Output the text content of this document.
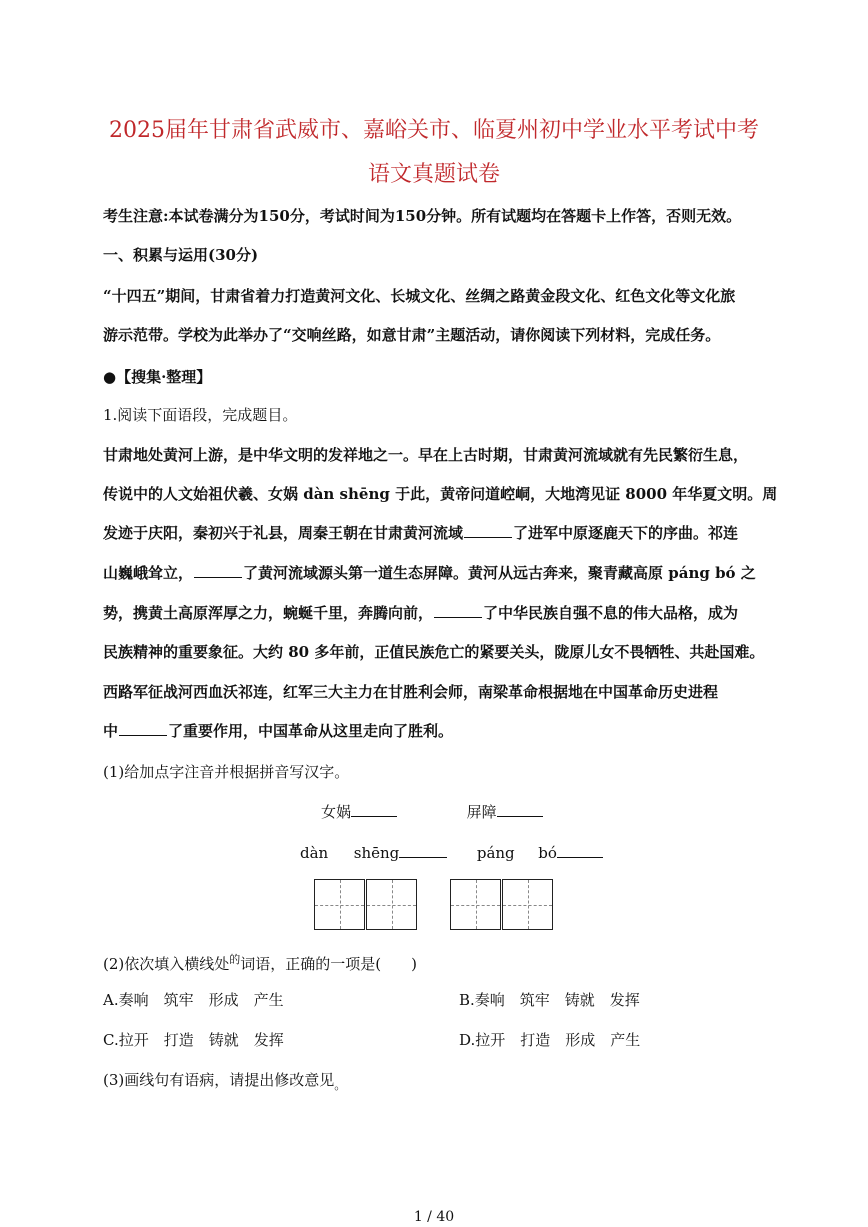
2025届年甘肃省武威市、嘉峪关市、临夏州初中学业水平考试中考
语文真题试卷
考生注意:本试卷满分为150分，考试时间为150分钟。所有试题均在答题卡上作答，否则无效。
一、积累与运用(30分)
“十四五”期间，甘肃省着力打造黄河文化、长城文化、丝绸之路黄金段文化、红色文化等文化旅
游示范带。学校为此举办了“交响丝路，如意甘肃”主题活动，请你阅读下列材料，完成任务。
●【搜集·整理】
1.阅读下面语段，完成题目。
甘肃地处黄河上游，是中华文明的发祥地之一。早在上古时期，甘肃黄河流域就有先民繁衍生息，
传说中的人文始祖伏羲、女娲 dàn shēng 于此，黄帝问道崆峒，大地湾见证 8000 年华夏文明。周
发迹于庆阳，秦初兴于礼县，周秦王朝在甘肃黄河流域	了进军中原逐鹿天下的序曲。祁连
山巍峨耸立，	了黄河流域源头第一道生态屏障。黄河从远古奔来，聚青藏高原 páng bó 之
势，携黄土高原浑厚之力，蜿蜒千里，奔腾向前，	了中华民族自强不息的伟大品格，成为
民族精神的重要象征。大约 80 多年前，正值民族危亡的紧要关头，陇原儿女不畏牺牲、共赴国难。
西路军征战河西血沃祁连，红军三大主力在甘胜利会师，南梁革命根据地在中国革命历史进程
中	了重要作用，中国革命从这里走向了胜利。
(1)给加点字注音并根据拼音写汉字。
女娲	屏障
dàn shēng	páng bó
(2)依次填入横线处$^的$词语，正确的一项是(　　)
A.奏响　筑牢　形成　产生	B.奏响　筑牢　铸就　发挥
C.拉开　打造　铸就　发挥	D.拉开　打造　形成　产生
(3)画线句有语病，请提出修改意见$_。$
1 / 40
